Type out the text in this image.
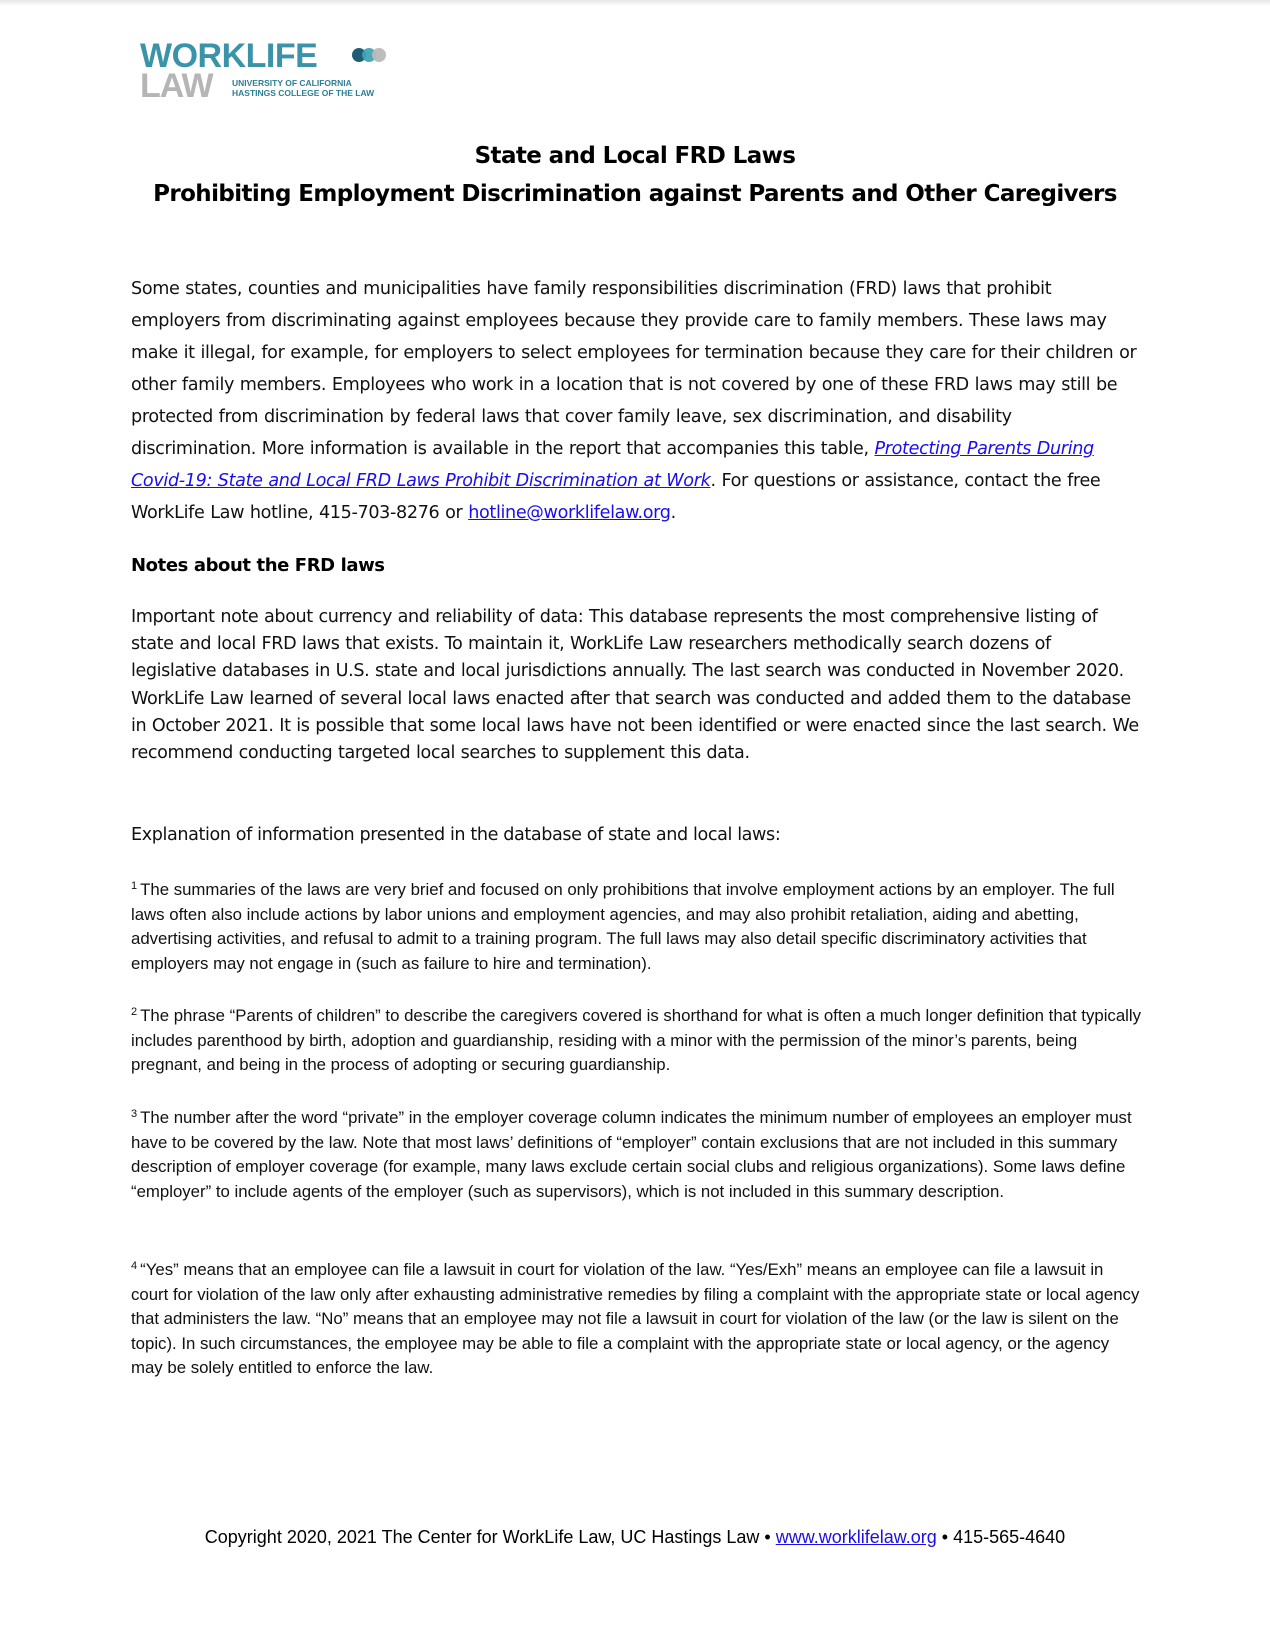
WORKLIFE
LAW UNIVERSITY OF CALIFORNIA
HASTINGS COLLEGE OF THE LAW
State and Local FRD Laws
Prohibiting Employment Discrimination against Parents and Other Caregivers
Some states, counties and municipalities have family responsibilities discrimination (FRD) laws that prohibit employers from discriminating against employees because they provide care to family members. These laws may make it illegal, for example, for employers to select employees for termination because they care for their children or other family members. Employees who work in a location that is not covered by one of these FRD laws may still be protected from discrimination by federal laws that cover family leave, sex discrimination, and disability discrimination. More information is available in the report that accompanies this table, Protecting Parents During Covid-19: State and Local FRD Laws Prohibit Discrimination at Work. For questions or assistance, contact the free WorkLife Law hotline, 415-703-8276 or hotline@worklifelaw.org.
Notes about the FRD laws
Important note about currency and reliability of data: This database represents the most comprehensive listing of state and local FRD laws that exists. To maintain it, WorkLife Law researchers methodically search dozens of legislative databases in U.S. state and local jurisdictions annually. The last search was conducted in November 2020. WorkLife Law learned of several local laws enacted after that search was conducted and added them to the database in October 2021. It is possible that some local laws have not been identified or were enacted since the last search. We recommend conducting targeted local searches to supplement this data.
Explanation of information presented in the database of state and local laws:
$^1$ The summaries of the laws are very brief and focused on only prohibitions that involve employment actions by an employer. The full laws often also include actions by labor unions and employment agencies, and may also prohibit retaliation, aiding and abetting, advertising activities, and refusal to admit to a training program. The full laws may also detail specific discriminatory activities that employers may not engage in (such as failure to hire and termination).
$^2$ The phrase “Parents of children” to describe the caregivers covered is shorthand for what is often a much longer definition that typically includes parenthood by birth, adoption and guardianship, residing with a minor with the permission of the minor’s parents, being pregnant, and being in the process of adopting or securing guardianship.
$^3$ The number after the word “private” in the employer coverage column indicates the minimum number of employees an employer must have to be covered by the law. Note that most laws’ definitions of “employer” contain exclusions that are not included in this summary description of employer coverage (for example, many laws exclude certain social clubs and religious organizations). Some laws define “employer” to include agents of the employer (such as supervisors), which is not included in this summary description.
$^4$ “Yes” means that an employee can file a lawsuit in court for violation of the law. “Yes/Exh” means an employee can file a lawsuit in court for violation of the law only after exhausting administrative remedies by filing a complaint with the appropriate state or local agency that administers the law. “No” means that an employee may not file a lawsuit in court for violation of the law (or the law is silent on the topic). In such circumstances, the employee may be able to file a complaint with the appropriate state or local agency, or the agency may be solely entitled to enforce the law.
Copyright 2020, 2021 The Center for WorkLife Law, UC Hastings Law • www.worklifelaw.org • 415-565-4640
